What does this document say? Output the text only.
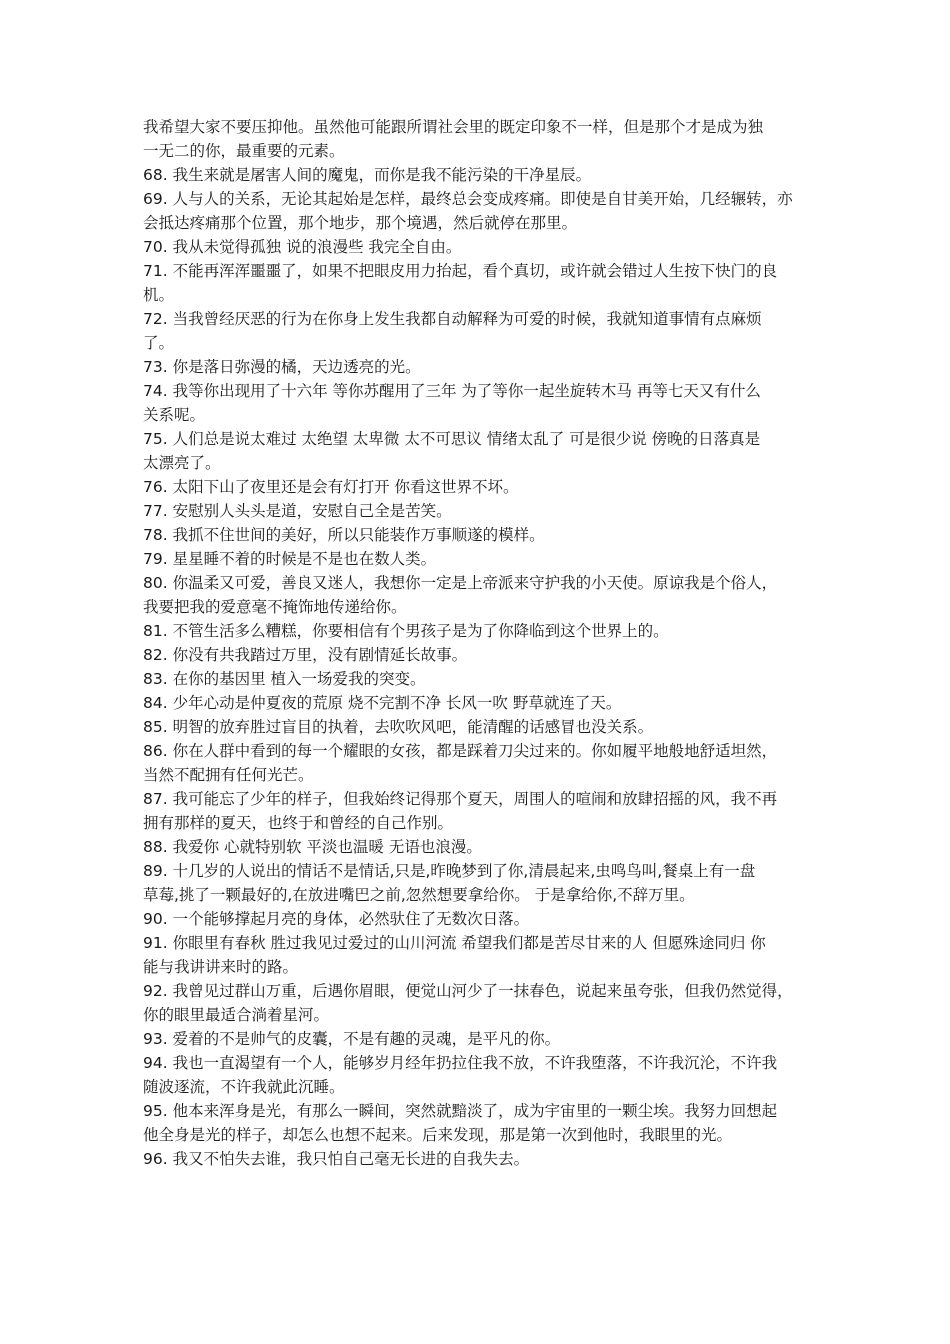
我希望大家不要压抑他。虽然他可能跟所谓社会里的既定印象不一样，但是那个才是成为独
一无二的你，最重要的元素。
68. 我生来就是屠害人间的魔鬼，而你是我不能污染的干净星辰。
69. 人与人的关系，无论其起始是怎样，最终总会变成疼痛。即使是自甘美开始，几经辗转，亦
会抵达疼痛那个位置，那个地步，那个境遇，然后就停在那里。
70. 我从未觉得孤独 说的浪漫些 我完全自由。
71. 不能再浑浑噩噩了，如果不把眼皮用力抬起，看个真切，或许就会错过人生按下快门的良
机。
72. 当我曾经厌恶的行为在你身上发生我都自动解释为可爱的时候，我就知道事情有点麻烦
了。
73. 你是落日弥漫的橘，天边透亮的光。
74. 我等你出现用了十六年 等你苏醒用了三年 为了等你一起坐旋转木马 再等七天又有什么
关系呢。
75. 人们总是说太难过 太绝望 太卑微 太不可思议 情绪太乱了 可是很少说 傍晚的日落真是
太漂亮了。
76. 太阳下山了夜里还是会有灯打开 你看这世界不坏。
77. 安慰别人头头是道，安慰自己全是苦笑。
78. 我抓不住世间的美好，所以只能装作万事顺遂的模样。
79. 星星睡不着的时候是不是也在数人类。
80. 你温柔又可爱，善良又迷人，我想你一定是上帝派来守护我的小天使。原谅我是个俗人，
我要把我的爱意毫不掩饰地传递给你。
81. 不管生活多么糟糕，你要相信有个男孩子是为了你降临到这个世界上的。
82. 你没有共我踏过万里，没有剧情延长故事。
83. 在你的基因里 植入一场爱我的突变。
84. 少年心动是仲夏夜的荒原 烧不完割不净 长风一吹 野草就连了天。
85. 明智的放弃胜过盲目的执着，去吹吹风吧，能清醒的话感冒也没关系。
86. 你在人群中看到的每一个耀眼的女孩，都是踩着刀尖过来的。你如履平地般地舒适坦然，
当然不配拥有任何光芒。
87. 我可能忘了少年的样子，但我始终记得那个夏天，周围人的喧闹和放肆招摇的风，我不再
拥有那样的夏天，也终于和曾经的自己作别。
88. 我爱你 心就特别软 平淡也温暖 无语也浪漫。
89. 十几岁的人说出的情话不是情话,只是,昨晚梦到了你,清晨起来,虫鸣鸟叫,餐桌上有一盘
草莓,挑了一颗最好的,在放进嘴巴之前,忽然想要拿给你。 于是拿给你,不辞万里。
90. 一个能够撑起月亮的身体，必然驮住了无数次日落。
91. 你眼里有春秋 胜过我见过爱过的山川河流 希望我们都是苦尽甘来的人 但愿殊途同归 你
能与我讲讲来时的路。
92. 我曾见过群山万重，后遇你眉眼，便觉山河少了一抹春色，说起来虽夸张，但我仍然觉得，
你的眼里最适合淌着星河。
93. 爱着的不是帅气的皮囊，不是有趣的灵魂，是平凡的你。
94. 我也一直渴望有一个人，能够岁月经年扔拉住我不放，不许我堕落，不许我沉沦，不许我
随波逐流，不许我就此沉睡。
95. 他本来浑身是光，有那么一瞬间，突然就黯淡了，成为宇宙里的一颗尘埃。我努力回想起
他全身是光的样子，却怎么也想不起来。后来发现，那是第一次到他时，我眼里的光。
96. 我又不怕失去谁，我只怕自己毫无长进的自我失去。
